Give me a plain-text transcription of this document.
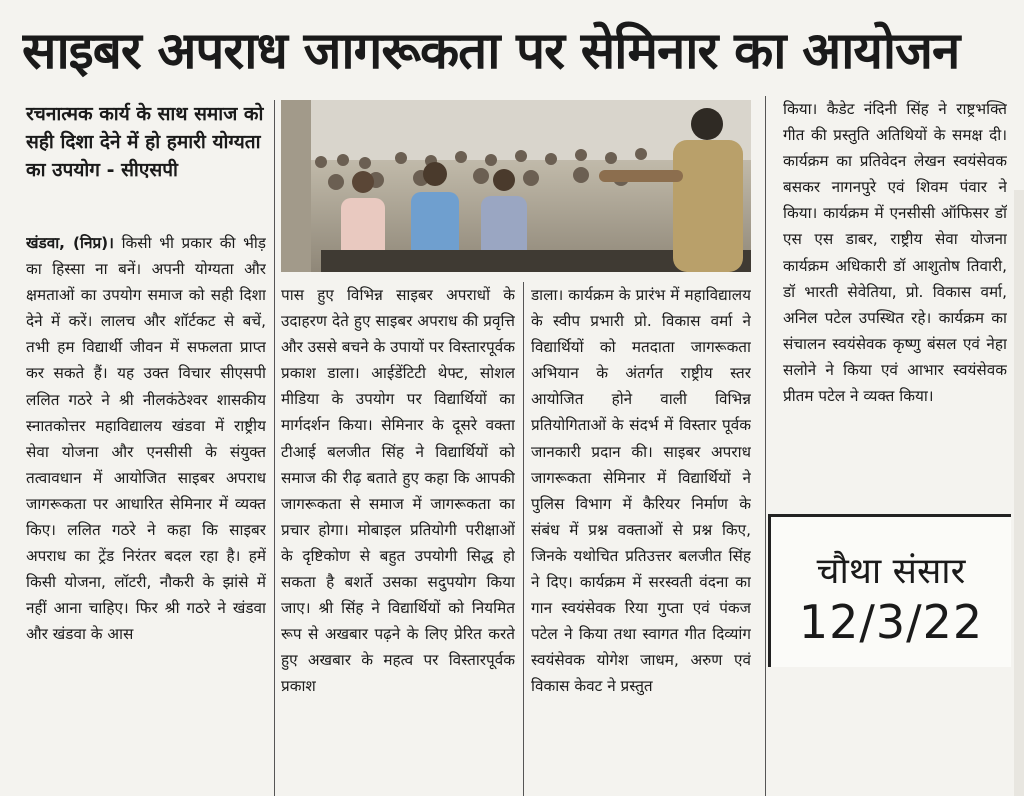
साइबर अपराध जागरूकता पर सेमिनार का आयोजन

रचनात्मक कार्य के साथ समाज को सही दिशा देने में हो हमारी योग्यता का उपयोग - सीएसपी

खंडवा, (निप्र)। किसी भी प्रकार की भीड़ का हिस्सा ना बनें। अपनी योग्यता और क्षमताओं का उपयोग समाज को सही दिशा देने में करें। लालच और शॉर्टकट से बचें, तभी हम विद्यार्थी जीवन में सफलता प्राप्त कर सकते हैं। यह उक्त विचार सीएसपी ललित गठरे ने श्री नीलकंठेश्वर शासकीय स्नातकोत्तर महाविद्यालय खंडवा में राष्ट्रीय सेवा योजना और एनसीसी के संयुक्त तत्वावधान में आयोजित साइबर अपराध जागरूकता पर आधारित सेमिनार में व्यक्त किए। ललित गठरे ने कहा कि साइबर अपराध का ट्रेंड निरंतर बदल रहा है। हमें किसी योजना, लॉटरी, नौकरी के झांसे में नहीं आना चाहिए। फिर श्री गठरे ने खंडवा और खंडवा के आस

पास हुए विभिन्न साइबर अपराधों के उदाहरण देते हुए साइबर अपराध की प्रवृत्ति और उससे बचने के उपायों पर विस्तारपूर्वक प्रकाश डाला। आईडेंटिटी थेफ्ट, सोशल मीडिया के उपयोग पर विद्यार्थियों का मार्गदर्शन किया। सेमिनार के दूसरे वक्ता टीआई बलजीत सिंह ने विद्यार्थियों को समाज की रीढ़ बताते हुए कहा कि आपकी जागरूकता से समाज में जागरूकता का प्रचार होगा। मोबाइल प्रतियोगी परीक्षाओं के दृष्टिकोण से बहुत उपयोगी सिद्ध हो सकता है बशर्ते उसका सदुपयोग किया जाए। श्री सिंह ने विद्यार्थियों को नियमित रूप से अखबार पढ़ने के लिए प्रेरित करते हुए अखबार के महत्व पर विस्तारपूर्वक प्रकाश

डाला। कार्यक्रम के प्रारंभ में महाविद्यालय के स्वीप प्रभारी प्रो. विकास वर्मा ने विद्यार्थियों को मतदाता जागरूकता अभियान के अंतर्गत राष्ट्रीय स्तर आयोजित होने वाली विभिन्न प्रतियोगिताओं के संदर्भ में विस्तार पूर्वक जानकारी प्रदान की। साइबर अपराध जागरूकता सेमिनार में विद्यार्थियों ने पुलिस विभाग में कैरियर निर्माण के संबंध में प्रश्न वक्ताओं से प्रश्न किए, जिनके यथोचित प्रतिउत्तर बलजीत सिंह ने दिए। कार्यक्रम में सरस्वती वंदना का गान स्वयंसेवक रिया गुप्ता एवं पंकज पटेल ने किया तथा स्वागत गीत दिव्यांग स्वयंसेवक योगेश जाधम, अरुण एवं विकास केवट ने प्रस्तुत

किया। कैडेट नंदिनी सिंह ने राष्ट्रभक्ति गीत की प्रस्तुति अतिथियों के समक्ष दी। कार्यक्रम का प्रतिवेदन लेखन स्वयंसेवक बसकर नागनपुरे एवं शिवम पंवार ने किया। कार्यक्रम में एनसीसी ऑफिसर डॉ एस एस डाबर, राष्ट्रीय सेवा योजना कार्यक्रम अधिकारी डॉ आशुतोष तिवारी, डॉ भारती सेवेतिया, प्रो. विकास वर्मा, अनिल पटेल उपस्थित रहे। कार्यक्रम का संचालन स्वयंसेवक कृष्णु बंसल एवं नेहा सलोने ने किया एवं आभार स्वयंसेवक प्रीतम पटेल ने व्यक्त किया।

चौथा संसार
12/3/22
